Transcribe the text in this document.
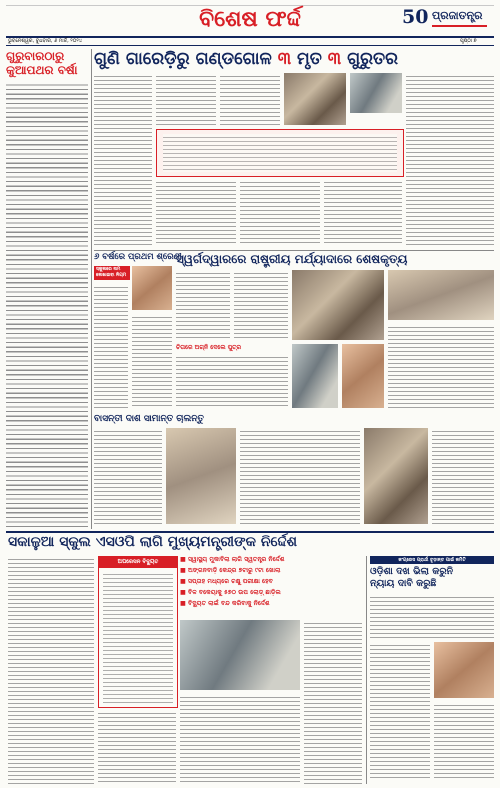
ବିଶେଷ ଫର୍ଦ୍ଦ	50 ପ୍ରଜାତନ୍ତ୍ର
ଭୁବନେଶ୍ୱର, ବୁଧବାର, ୬ ମାର୍ଚ୍ଚ, ୨୦୨୪	ପୃଷ୍ଠା ୭
ଗୁରୁବାରଠାରୁ
କୁଆପଥର ବର୍ଷା
ଗୁଣି ଗାରେଡ଼ିରୁ ଗଣ୍ଡଗୋଳ ୩ ମୃତ ୩ ଗୁରୁତର
୬ ବର୍ଷରେ ପ୍ରଥମ ଶ୍ରେଣୀ
ସ୍କୁଲରେ ନାମ ଲେଖାଇବା ନିୟମ
ସ୍ୱର୍ଗଦ୍ୱାରରେ ରାଷ୍ଟ୍ରୀୟ ମର୍ଯ୍ୟାଦାରେ ଶେଷକୃତ୍ୟ
ଚିତାରେ ଅଗ୍ନି ଦେଲେ ପୁତ୍ର
ବାସନ୍ତୀ ଦାଶ ସାମାନ୍ତ ଚାଲନ୍ତୁ
ସକାଳୁଆ ସ୍କୁଲ ଏସଓପି ଲାଗି ମୁଖ୍ୟମନ୍ତ୍ରୀଙ୍କ ନିର୍ଦ୍ଦେଶ
ଅପରେସନ ବିଦ୍ୟୁତ	■ ସ୍ୱାସ୍ଥ୍ୟ ମୁକାବିଲା ଲାଗି ସ୍ୱତନ୍ତ୍ର ନିର୍ଦ୍ଦେଶ
■ ଅଙ୍ଗନବାଡ଼ି କେନ୍ଦ୍ର ୭ଟାରୁ ୯ଟା ଖୋଲା
■ ସପ୍ତାହ ମଧ୍ୟରେ ଚକ୍ଷୁ ପରୀକ୍ଷା ହେବ
■ ବିଳ ବକେୟାକୁ ୫୭୦ ଉପ ଲୋଡ଼୍ ଛାଡ଼ିଲ
■ ବିଦ୍ୟୁତ ଲାଇଁ ବନ୍ଦ କରିବାକୁ ନିର୍ଦ୍ଦେଶ
କଂଗ୍ରେସ ପ୍ରାର୍ଥୀ ଚୂଡ଼ାନ୍ତ ପାଇଁ କମିଟି
ଓଡ଼ିଶା ଦଖ ଭିଲା କରୁନି
ନ୍ୟାୟ ଦାବି କରୁଛି
